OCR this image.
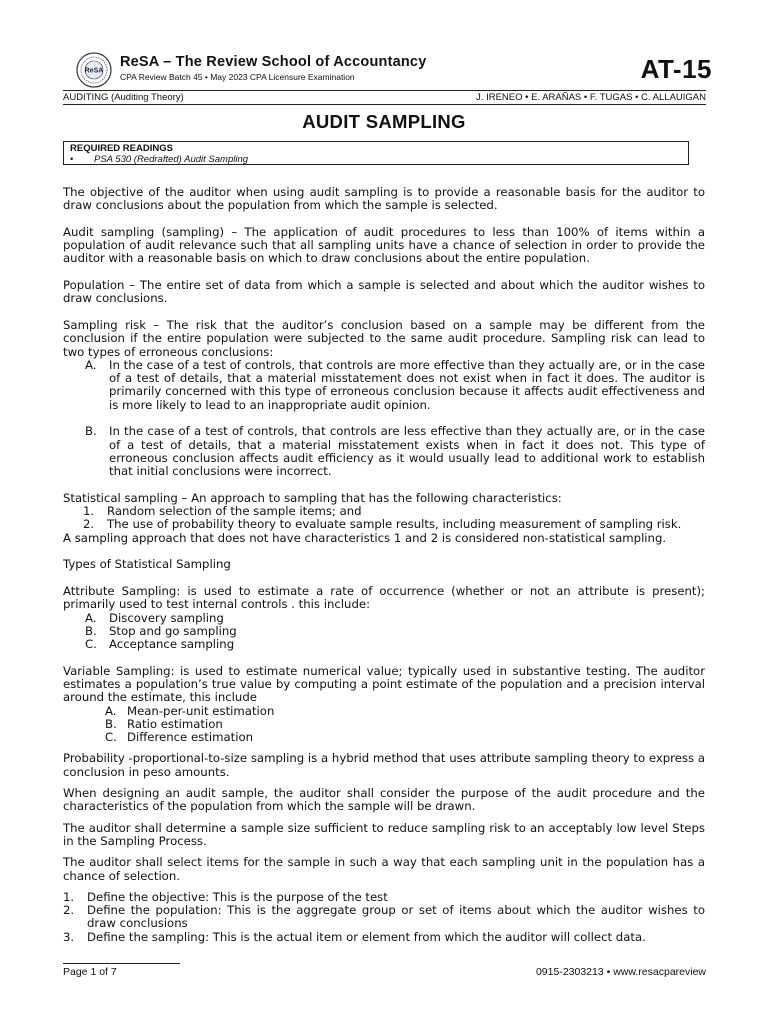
ReSA
ReSA – The Review School of Accountancy
CPA Review Batch 45 • May 2023 CPA Licensure Examination	AT-15
AUDITING (Auditing Theory)	J. IRENEO • E. ARAÑAS • F. TUGAS • C. ALLAUIGAN
AUDIT SAMPLING
REQUIRED READINGS
• PSA 530 (Redrafted) Audit Sampling

The objective of the auditor when using audit sampling is to provide a reasonable basis for the auditor to draw conclusions about the population from which the sample is selected.

Audit sampling (sampling) – The application of audit procedures to less than 100% of items within a population of audit relevance such that all sampling units have a chance of selection in order to provide the auditor with a reasonable basis on which to draw conclusions about the entire population.

Population – The entire set of data from which a sample is selected and about which the auditor wishes to draw conclusions.

Sampling risk – The risk that the auditor’s conclusion based on a sample may be different from the conclusion if the entire population were subjected to the same audit procedure. Sampling risk can lead to two types of erroneous conclusions:

A.	In the case of a test of controls, that controls are more effective than they actually are, or in the case of a test of details, that a material misstatement does not exist when in fact it does. The auditor is primarily concerned with this type of erroneous conclusion because it affects audit effectiveness and is more likely to lead to an inappropriate audit opinion.
B.	In the case of a test of controls, that controls are less effective than they actually are, or in the case of a test of details, that a material misstatement exists when in fact it does not. This type of erroneous conclusion affects audit efficiency as it would usually lead to additional work to establish that initial conclusions were incorrect.

Statistical sampling – An approach to sampling that has the following characteristics:

1.	Random selection of the sample items; and
2.	The use of probability theory to evaluate sample results, including measurement of sampling risk.

A sampling approach that does not have characteristics 1 and 2 is considered non-statistical sampling.

Types of Statistical Sampling

Attribute Sampling: is used to estimate a rate of occurrence (whether or not an attribute is present); primarily used to test internal controls . this include:

A.	Discovery sampling
B.	Stop and go sampling
C.	Acceptance sampling

Variable Sampling: is used to estimate numerical value; typically used in substantive testing. The auditor estimates a population’s true value by computing a point estimate of the population and a precision interval around the estimate, this include

A. Mean-per-unit estimation
B. Ratio estimation
C. Difference estimation

Probability -proportional-to-size sampling is a hybrid method that uses attribute sampling theory to express a conclusion in peso amounts.

When designing an audit sample, the auditor shall consider the purpose of the audit procedure and the characteristics of the population from which the sample will be drawn.

The auditor shall determine a sample size sufficient to reduce sampling risk to an acceptably low level Steps in the Sampling Process.

The auditor shall select items for the sample in such a way that each sampling unit in the population has a chance of selection.

1.	Define the objective: This is the purpose of the test
2.	Define the population: This is the aggregate group or set of items about which the auditor wishes to draw conclusions
3.	Define the sampling: This is the actual item or element from which the auditor will collect data.
Page 1 of 7	0915-2303213 • www.resacpareview
